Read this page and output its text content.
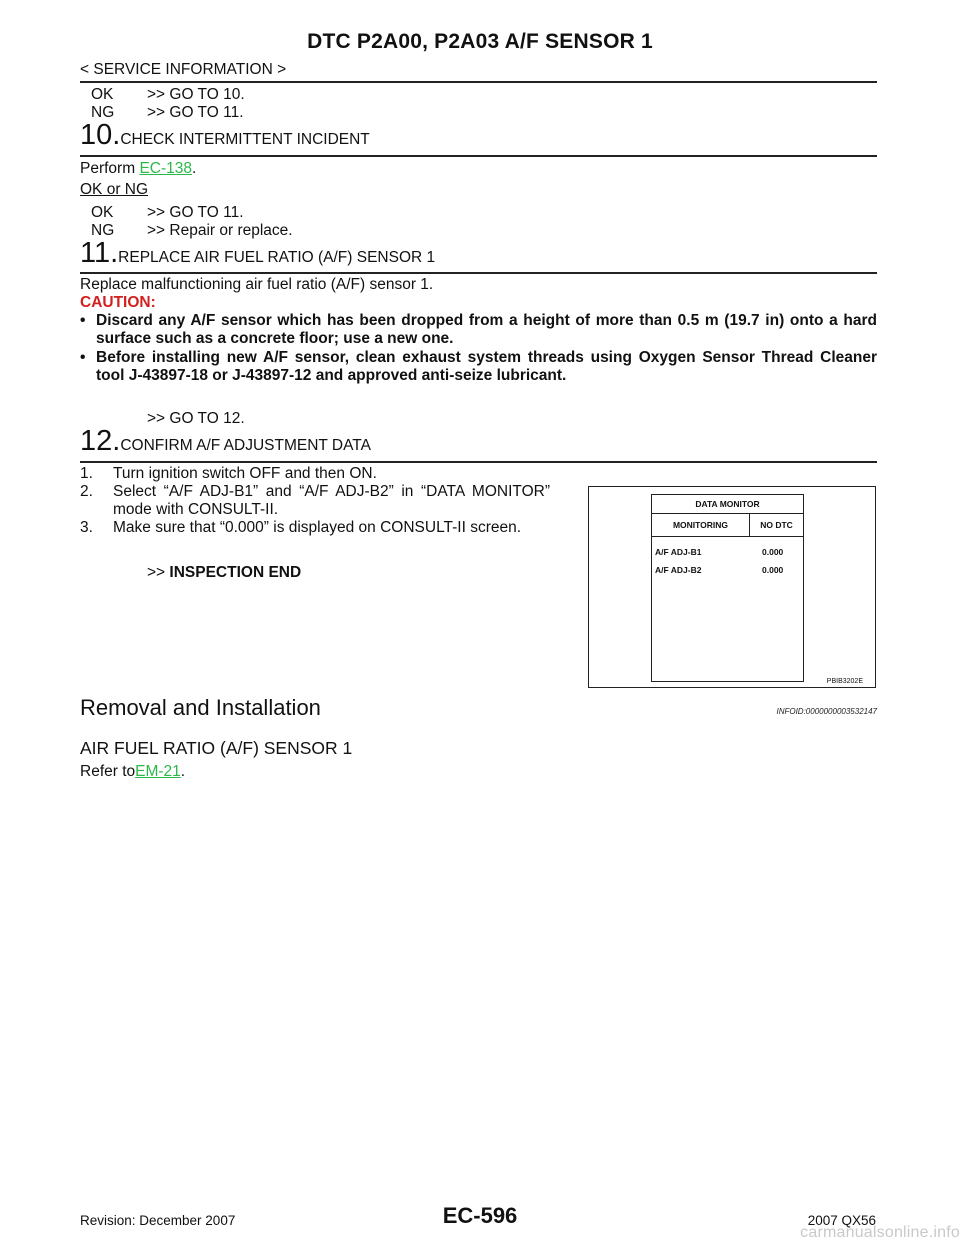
DTC P2A00, P2A03 A/F SENSOR 1
< SERVICE INFORMATION >
OK >> GO TO 10.
NG >> GO TO 11.
10.CHECK INTERMITTENT INCIDENT
Perform EC-138.
OK or NG
OK >> GO TO 11.
NG >> Repair or replace.
11.REPLACE AIR FUEL RATIO (A/F) SENSOR 1
Replace malfunctioning air fuel ratio (A/F) sensor 1.
CAUTION:
• Discard any A/F sensor which has been dropped from a height of more than 0.5 m (19.7 in) onto a hard surface such as a concrete floor; use a new one.
• Before installing new A/F sensor, clean exhaust system threads using Oxygen Sensor Thread Cleaner tool J-43897-18 or J-43897-12 and approved anti-seize lubricant.
>> GO TO 12.
12.CONFIRM A/F ADJUSTMENT DATA
1. Turn ignition switch OFF and then ON.
2. Select “A/F ADJ-B1” and “A/F ADJ-B2” in “DATA MONITOR” mode with CONSULT-II.
3. Make sure that “0.000” is displayed on CONSULT-II screen.
>> INSPECTION END
DATA MONITOR
MONITORING	NO DTC
A/F ADJ-B1	0.000
A/F ADJ-B2	0.000
PBIB3202E
Removal and Installation	INFOID:0000000003532147
AIR FUEL RATIO (A/F) SENSOR 1
Refer toEM-21.
EC-596
Revision: December 2007	2007 QX56
carmanualsonline.info
